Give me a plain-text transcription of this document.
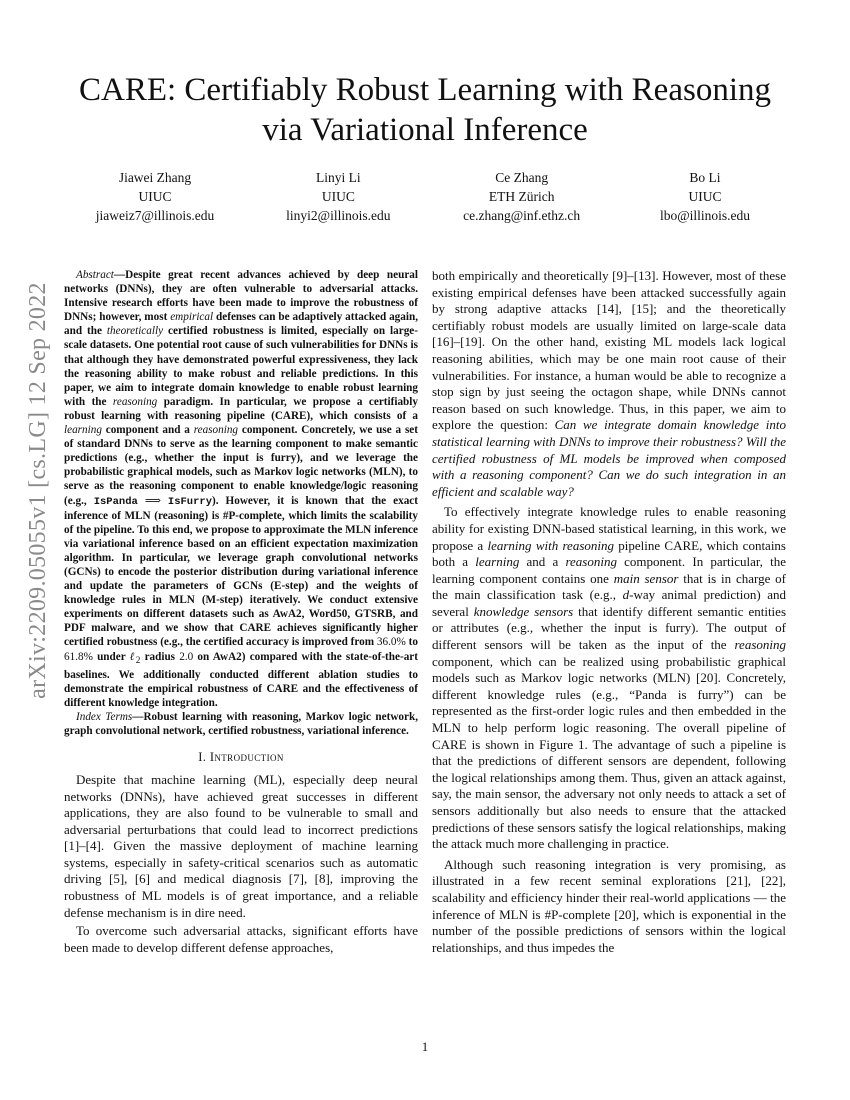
arXiv:2209.05055v1 [cs.LG] 12 Sep 2022
CARE: Certifiably Robust Learning with Reasoning via Variational Inference
Jiawei Zhang
UIUC
jiaweiz7@illinois.edu
Linyi Li
UIUC
linyi2@illinois.edu
Ce Zhang
ETH Zürich
ce.zhang@inf.ethz.ch
Bo Li
UIUC
lbo@illinois.edu

Abstract—Despite great recent advances achieved by deep neural networks (DNNs), they are often vulnerable to adversarial attacks. Intensive research efforts have been made to improve the robustness of DNNs; however, most empirical defenses can be adaptively attacked again, and the theoretically certified robustness is limited, especially on large-scale datasets. One potential root cause of such vulnerabilities for DNNs is that although they have demonstrated powerful expressiveness, they lack the reasoning ability to make robust and reliable predictions. In this paper, we aim to integrate domain knowledge to enable robust learning with the reasoning paradigm. In particular, we propose a certifiably robust learning with reasoning pipeline (CARE), which consists of a learning component and a reasoning component. Concretely, we use a set of standard DNNs to serve as the learning component to make semantic predictions (e.g., whether the input is furry), and we leverage the probabilistic graphical models, such as Markov logic networks (MLN), to serve as the reasoning component to enable knowledge/logic reasoning (e.g., IsPanda ⟹ IsFurry). However, it is known that the exact inference of MLN (reasoning) is #P-complete, which limits the scalability of the pipeline. To this end, we propose to approximate the MLN inference via variational inference based on an efficient expectation maximization algorithm. In particular, we leverage graph convolutional networks (GCNs) to encode the posterior distribution during variational inference and update the parameters of GCNs (E-step) and the weights of knowledge rules in MLN (M-step) iteratively. We conduct extensive experiments on different datasets such as AwA2, Word50, GTSRB, and PDF malware, and we show that CARE achieves significantly higher certified robustness (e.g., the certified accuracy is improved from 36.0% to 61.8% under ℓ$_2$ radius 2.0 on AwA2) compared with the state-of-the-art baselines. We additionally conducted different ablation studies to demonstrate the empirical robustness of CARE and the effectiveness of different knowledge integration.

Index Terms—Robust learning with reasoning, Markov logic network, graph convolutional network, certified robustness, variational inference.

I. Introduction

Despite that machine learning (ML), especially deep neural networks (DNNs), have achieved great successes in different applications, they are also found to be vulnerable to small and adversarial perturbations that could lead to incorrect predictions [1]–[4]. Given the massive deployment of machine learning systems, especially in safety-critical scenarios such as automatic driving [5], [6] and medical diagnosis [7], [8], improving the robustness of ML models is of great importance, and a reliable defense mechanism is in dire need.

To overcome such adversarial attacks, significant efforts have been made to develop different defense approaches,

both empirically and theoretically [9]–[13]. However, most of these existing empirical defenses have been attacked successfully again by strong adaptive attacks [14], [15]; and the theoretically certifiably robust models are usually limited on large-scale data [16]–[19]. On the other hand, existing ML models lack logical reasoning abilities, which may be one main root cause of their vulnerabilities. For instance, a human would be able to recognize a stop sign by just seeing the octagon shape, while DNNs cannot reason based on such knowledge. Thus, in this paper, we aim to explore the question: Can we integrate domain knowledge into statistical learning with DNNs to improve their robustness? Will the certified robustness of ML models be improved when composed with a reasoning component? Can we do such integration in an efficient and scalable way?

To effectively integrate knowledge rules to enable reasoning ability for existing DNN-based statistical learning, in this work, we propose a learning with reasoning pipeline CARE, which contains both a learning and a reasoning component. In particular, the learning component contains one main sensor that is in charge of the main classification task (e.g., d-way animal prediction) and several knowledge sensors that identify different semantic entities or attributes (e.g., whether the input is furry). The output of different sensors will be taken as the input of the reasoning component, which can be realized using probabilistic graphical models such as Markov logic networks (MLN) [20]. Concretely, different knowledge rules (e.g., “Panda is furry”) can be represented as the first-order logic rules and then embedded in the MLN to help perform logic reasoning. The overall pipeline of CARE is shown in Figure 1. The advantage of such a pipeline is that the predictions of different sensors are dependent, following the logical relationships among them. Thus, given an attack against, say, the main sensor, the adversary not only needs to attack a set of sensors additionally but also needs to ensure that the attacked predictions of these sensors satisfy the logical relationships, making the attack much more challenging in practice.

Although such reasoning integration is very promising, as illustrated in a few recent seminal explorations [21], [22], scalability and efficiency hinder their real-world applications — the inference of MLN is #P-complete [20], which is exponential in the number of the possible predictions of sensors within the logical relationships, and thus impedes the

1
